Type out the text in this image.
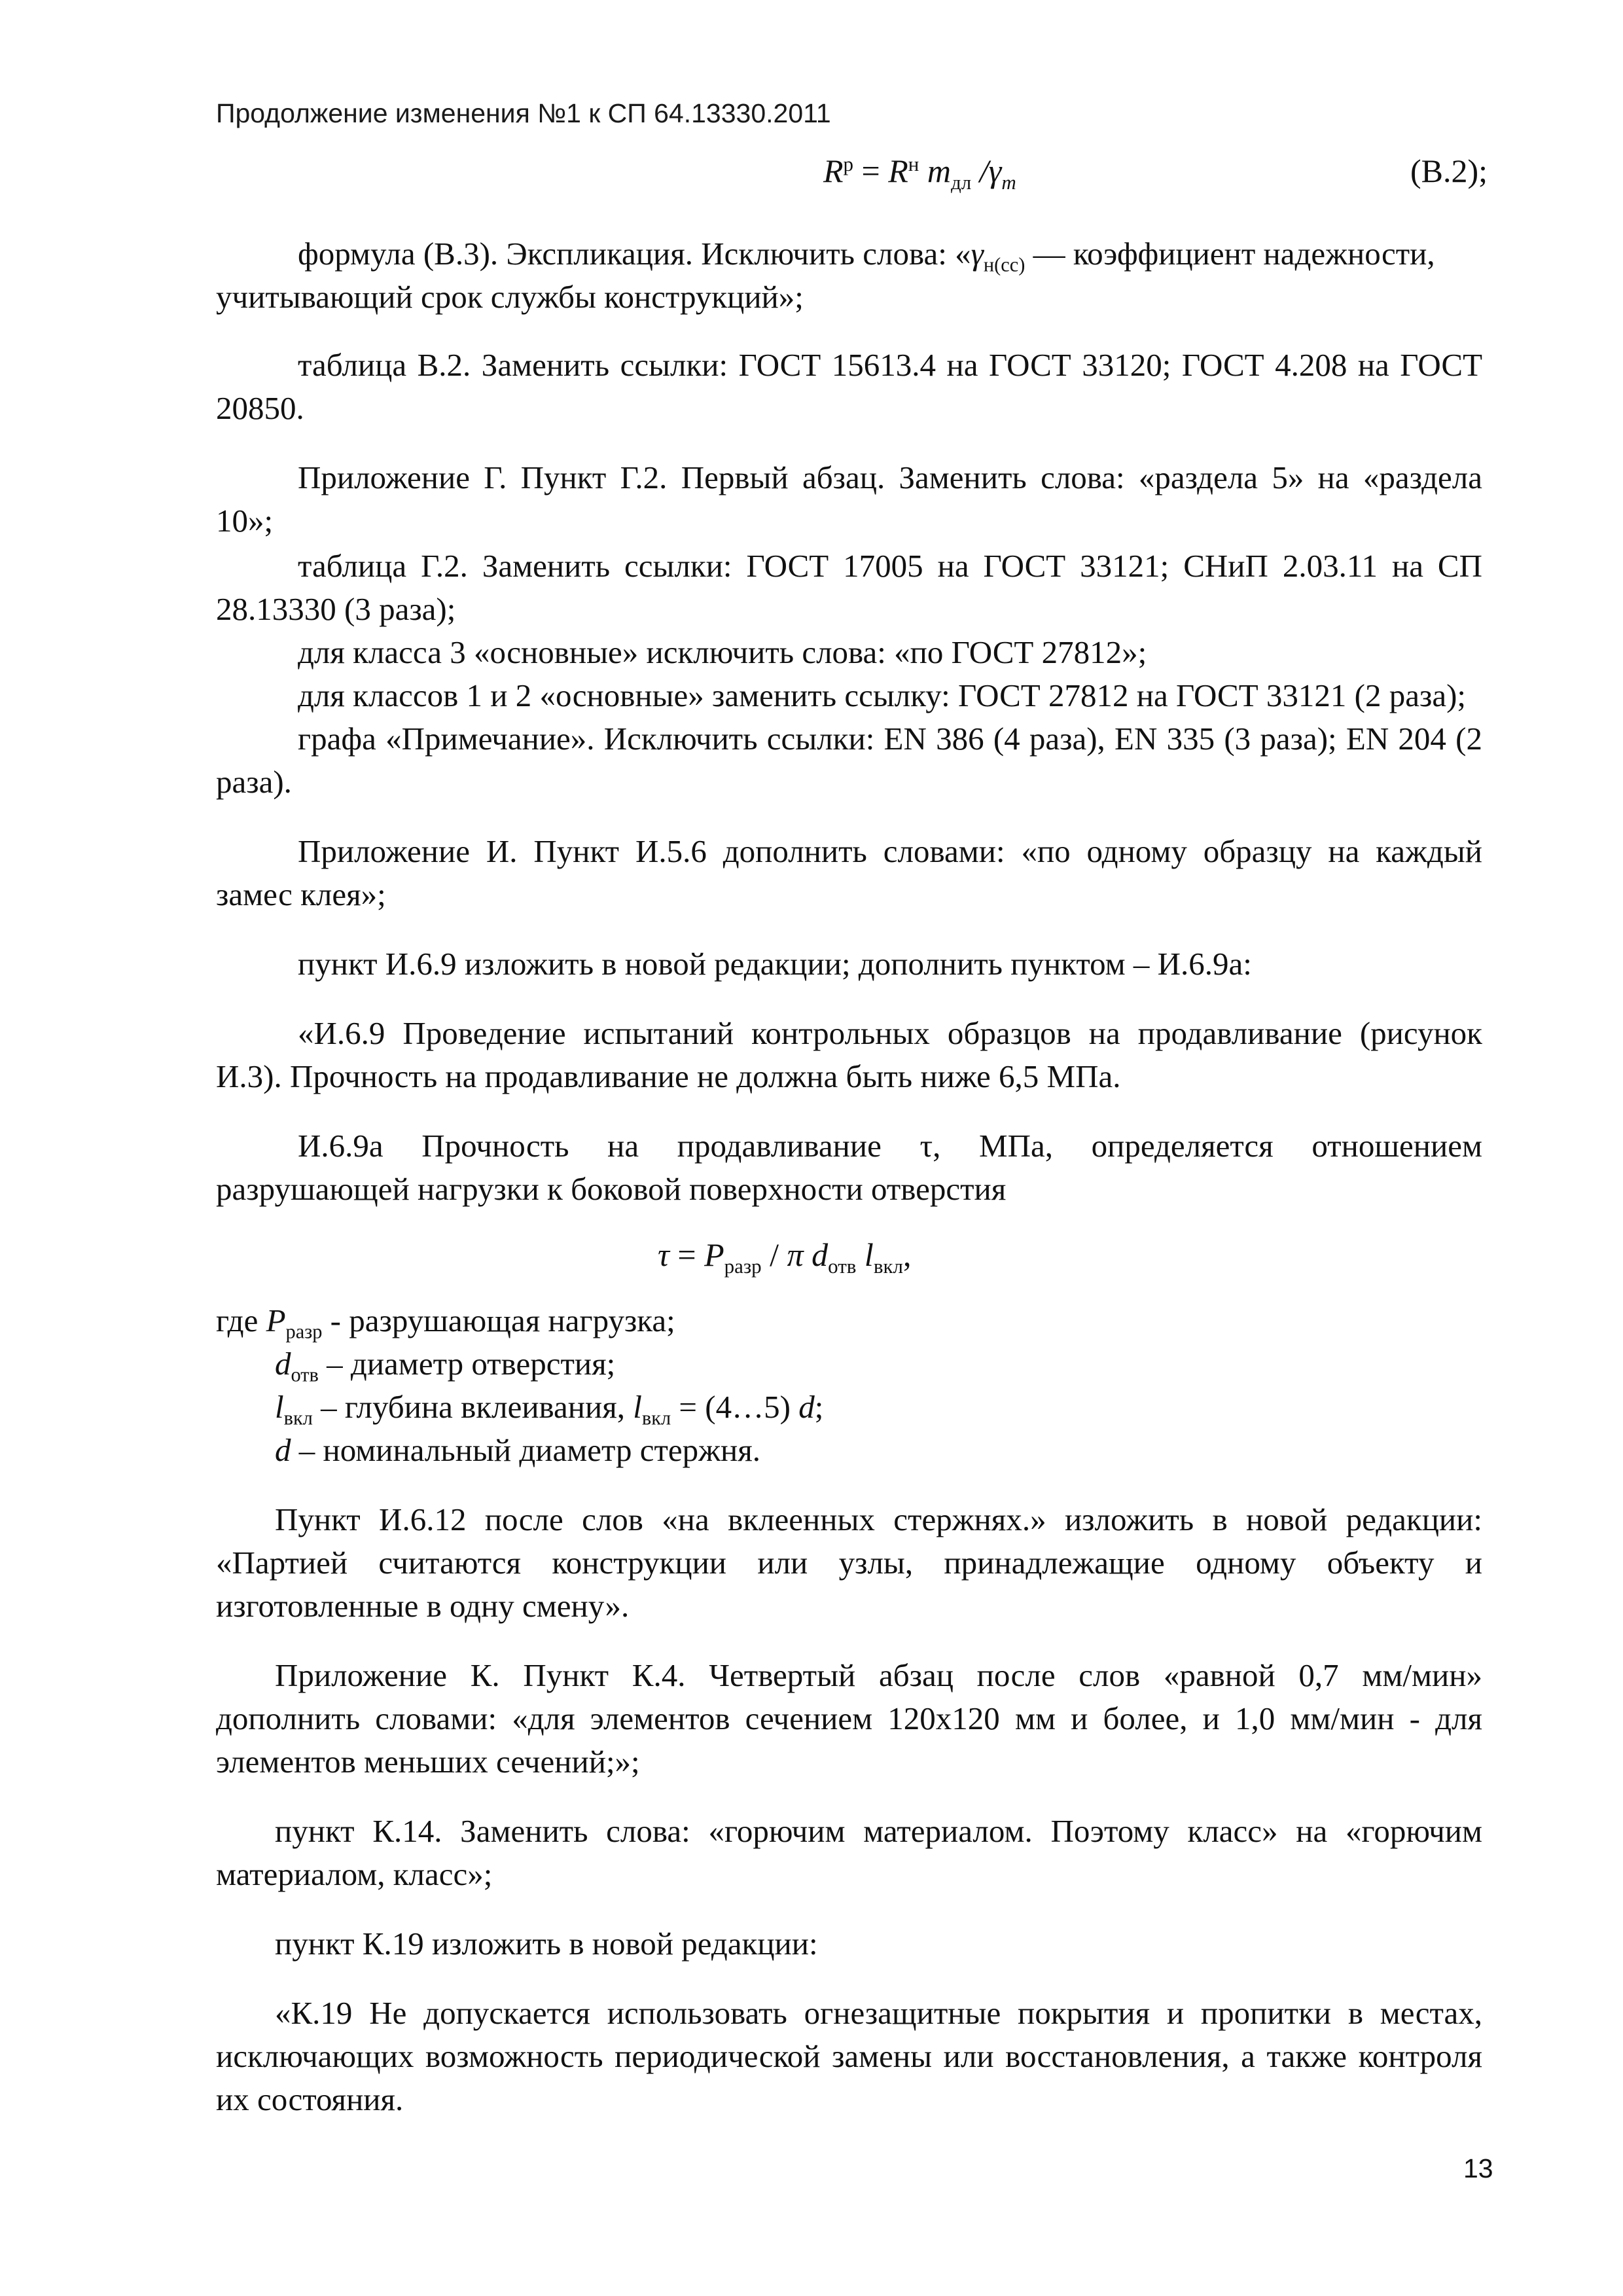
Продолжение изменения №1 к СП 64.13330.2011
$R^р = R^н$ $m_{дл}$ $/\gamma_m$	(В.2);
формула (В.3). Экспликация. Исключить слова: «$\gamma_{н(сс)}$ — коэффициент надежности,
учитывающий срок службы конструкций»;
таблица В.2. Заменить ссылки: ГОСТ 15613.4 на ГОСТ 33120; ГОСТ 4.208 на ГОСТ
20850.
Приложение Г. Пункт Г.2. Первый абзац. Заменить слова: «раздела 5» на «раздела
10»;
таблица Г.2. Заменить ссылки: ГОСТ 17005 на ГОСТ 33121; СНиП 2.03.11 на СП
28.13330 (3 раза);
для класса 3 «основные» исключить слова: «по ГОСТ 27812»;
для классов 1 и 2 «основные» заменить ссылку: ГОСТ 27812 на ГОСТ 33121 (2 раза);
графа «Примечание». Исключить ссылки: EN 386 (4 раза), EN 335 (3 раза); EN 204 (2
раза).
Приложение И. Пункт И.5.6 дополнить словами: «по одному образцу на каждый
замес клея»;
пункт И.6.9 изложить в новой редакции; дополнить пунктом – И.6.9а:
«И.6.9 Проведение испытаний контрольных образцов на продавливание (рисунок
И.3). Прочность на продавливание не должна быть ниже 6,5 МПа.
И.6.9а Прочность на продавливание τ, МПа, определяется отношением
разрушающей нагрузки к боковой поверхности отверстия
$\tau = P_{разр} / \pi$ $d_{отв}$ $l_{вкл}$,
где $P_{разр}$ - разрушающая нагрузка;
$d_{отв}$ – диаметр отверстия;
$l_{вкл}$ – глубина вклеивания, $l_{вкл}$ = (4…5) d;
d – номинальный диаметр стержня.
Пункт И.6.12 после слов «на вклеенных стержнях.» изложить в новой редакции:
«Партией считаются конструкции или узлы, принадлежащие одному объекту и
изготовленные в одну смену».
Приложение К. Пункт К.4. Четвертый абзац после слов «равной 0,7 мм/мин»
дополнить словами: «для элементов сечением 120х120 мм и более, и 1,0 мм/мин - для
элементов меньших сечений;»;
пункт К.14. Заменить слова: «горючим материалом. Поэтому класс» на «горючим
материалом, класс»;
пункт К.19 изложить в новой редакции:
«К.19 Не допускается использовать огнезащитные покрытия и пропитки в местах,
исключающих возможность периодической замены или восстановления, а также контроля
их состояния.
13
